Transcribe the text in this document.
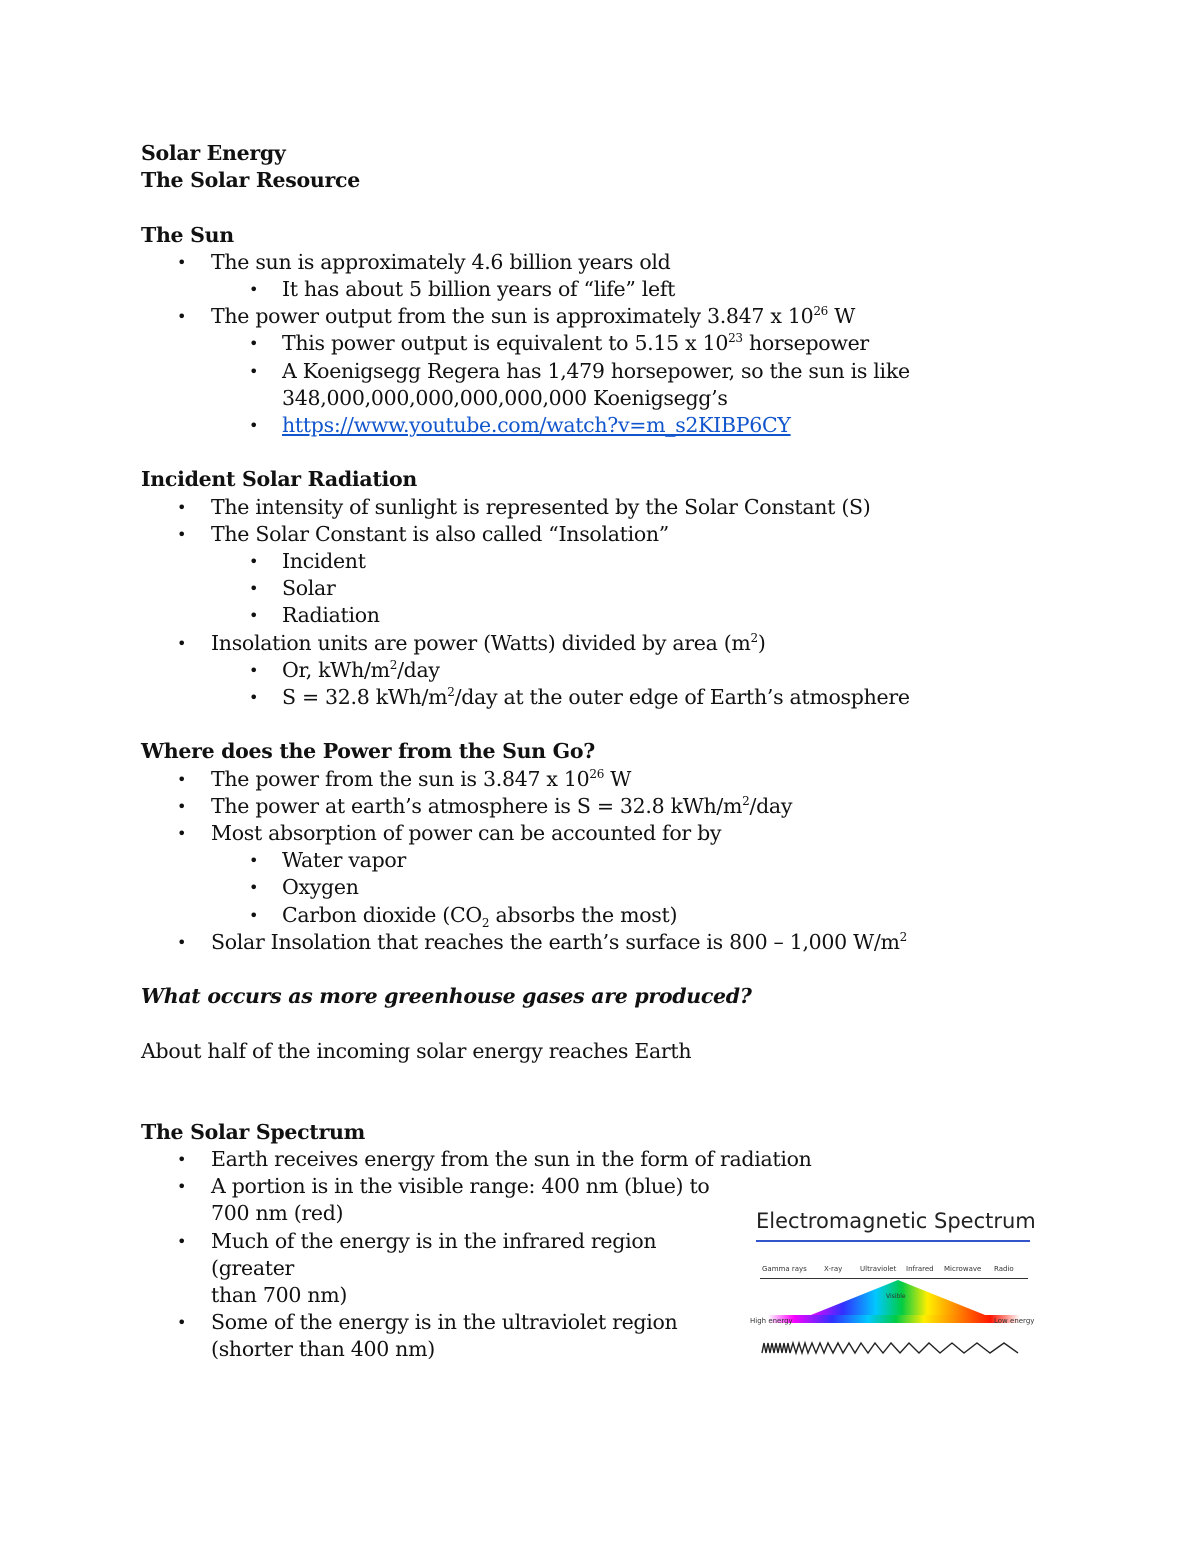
Solar Energy
The Solar Resource
The Sun
• The sun is approximately 4.6 billion years old
• It has about 5 billion years of “life” left
• The power output from the sun is approximately 3.847 x $10^{26}$ W
• This power output is equivalent to 5.15 x $10^{23}$ horsepower
• A Koenigsegg Regera has 1,479 horsepower, so the sun is like
348,000,000,000,000,000,000 Koenigsegg’s
• https://www.youtube.com/watch?v=m_s2KIBP6CY
Incident Solar Radiation
• The intensity of sunlight is represented by the Solar Constant (S)
• The Solar Constant is also called “Insolation”
• Incident
• Solar
• Radiation
• Insolation units are power (Watts) divided by area $(m^2)$
• Or, kWh/$m^2$/day
• S = 32.8 kWh/$m^2$/day at the outer edge of Earth’s atmosphere
Where does the Power from the Sun Go?
• The power from the sun is 3.847 x $10^{26}$ W
• The power at earth’s atmosphere is S = 32.8 kWh/$m^2$/day
• Most absorption of power can be accounted for by
• Water vapor
• Oxygen
• Carbon dioxide ($CO_2$ absorbs the most)
• Solar Insolation that reaches the earth’s surface is 800 – 1,000 $W/m^2$
What occurs as more greenhouse gases are produced?
About half of the incoming solar energy reaches Earth
The Solar Spectrum
• Earth receives energy from the sun in the form of radiation
• A portion is in the visible range: 400 nm (blue) to
700 nm (red)
• Much of the energy is in the infrared region (greater
than 700 nm)
• Some of the energy is in the ultraviolet region
(shorter than 400 nm)
Electromagnetic Spectrum
Gamma rays X-ray	Ultraviolet Infrared Microwave Radio
Visible
High energy	Low energy
